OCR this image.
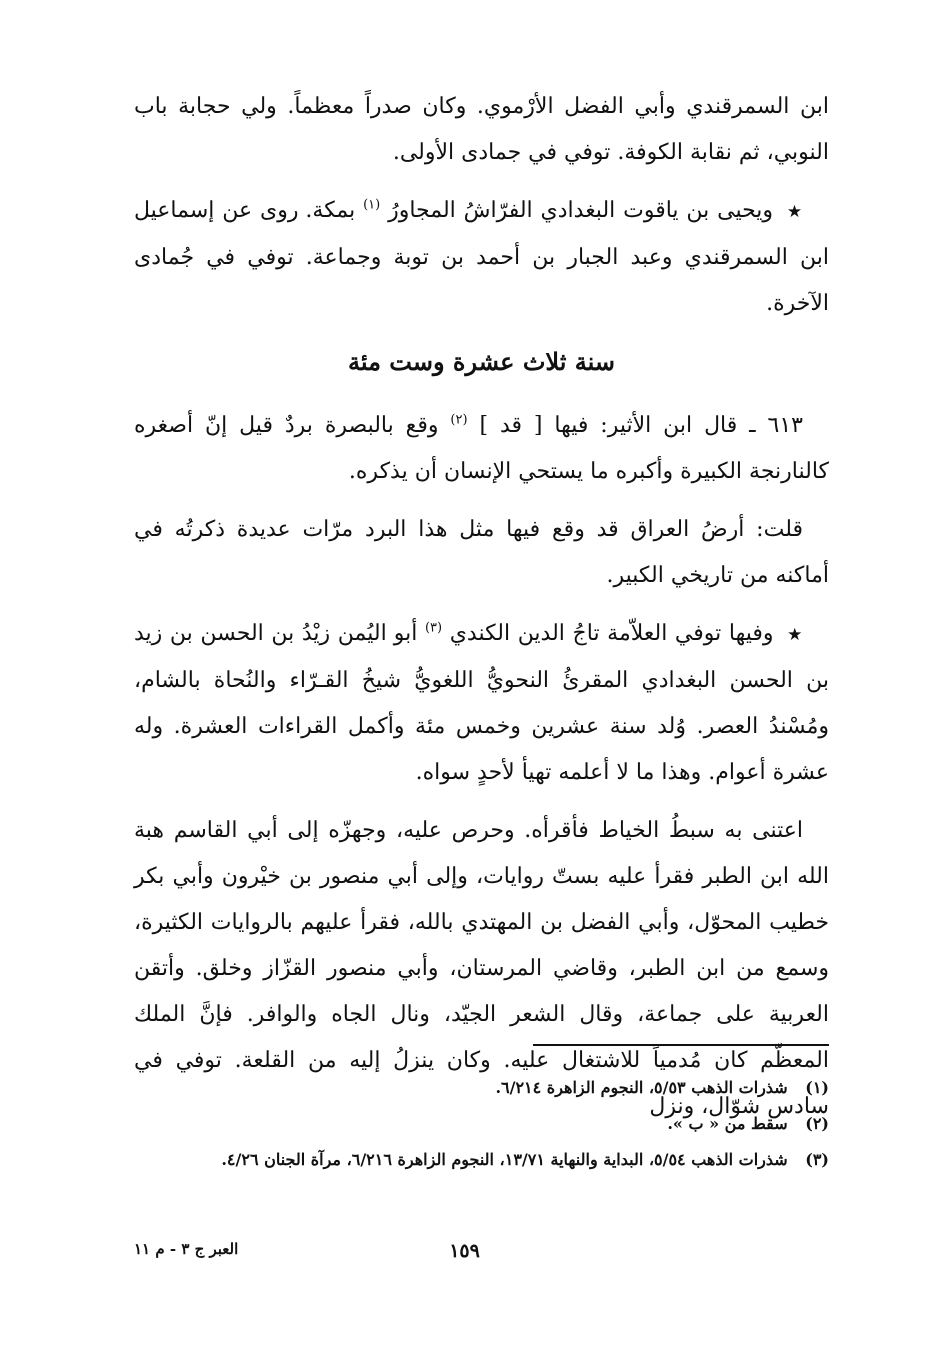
ابن السمرقندي وأبي الفضل الأرْموي. وكان صدراً معظماً. ولي حجابة باب النوبي، ثم نقابة الكوفة. توفي في جمادى الأولى.

★ ويحيى بن ياقوت البغدادي الفرّاشُ المجاورُ $^{(١)}$ بمكة. روى عن إسماعيل ابن السمرقندي وعبد الجبار بن أحمد بن توبة وجماعة. توفي في جُمادى الآخرة.

سنة ثلاث عشرة وست مئة

٦١٣ ـ قال ابن الأثير: فيها [ قد ] $^{(٢)}$ وقع بالبصرة بردٌ قيل إنّ أصغره كالنارنجة الكبيرة وأكبره ما يستحي الإنسان أن يذكره.

قلت: أرضُ العراق قد وقع فيها مثل هذا البرد مرّات عديدة ذكرتُه في أماكنه من تاريخي الكبير.

★ وفيها توفي العلاّمة تاجُ الدين الكندي $^{(٣)}$ أبو اليُمن زيْدُ بن الحسن بن زيد بن الحسن البغدادي المقرئُ النحويُّ اللغويُّ شيخُ القـرّاء والنُحاة بالشام، ومُسْندُ العصر. وُلد سنة عشرين وخمس مئة وأكمل القراءات العشرة. وله عشرة أعوام. وهذا ما لا أعلمه تهيأ لأحدٍ سواه.

اعتنى به سبطُ الخياط فأقرأه. وحرص عليه، وجهزّه إلى أبي القاسم هبة الله ابن الطبر فقرأ عليه بستّ روايات، وإلى أبي منصور بن خيْرون وأبي بكر خطيب المحوّل، وأبي الفضل بن المهتدي بالله، فقرأ عليهم بالروايات الكثيرة، وسمع من ابن الطبر، وقاضي المرستان، وأبي منصور القزّاز وخلق. وأتقن العربية على جماعة، وقال الشعر الجيّد، ونال الجاه والوافر. فإنَّ الملك المعظّم كان مُدمياً للاشتغال عليه. وكان ينزلُ إليه من القلعة. توفي في سادس شوّال، ونزل

(١) شذرات الذهب ٥/٥٣، النجوم الزاهرة ٦/٢١٤.

(٢) سقط من « ب ».

(٣) شذرات الذهب ٥/٥٤، البداية والنهاية ١٣/٧١، النجوم الزاهرة ٦/٢١٦، مرآة الجنان ٤/٢٦.

العبر ج ٣ - م ١١	١٥٩
